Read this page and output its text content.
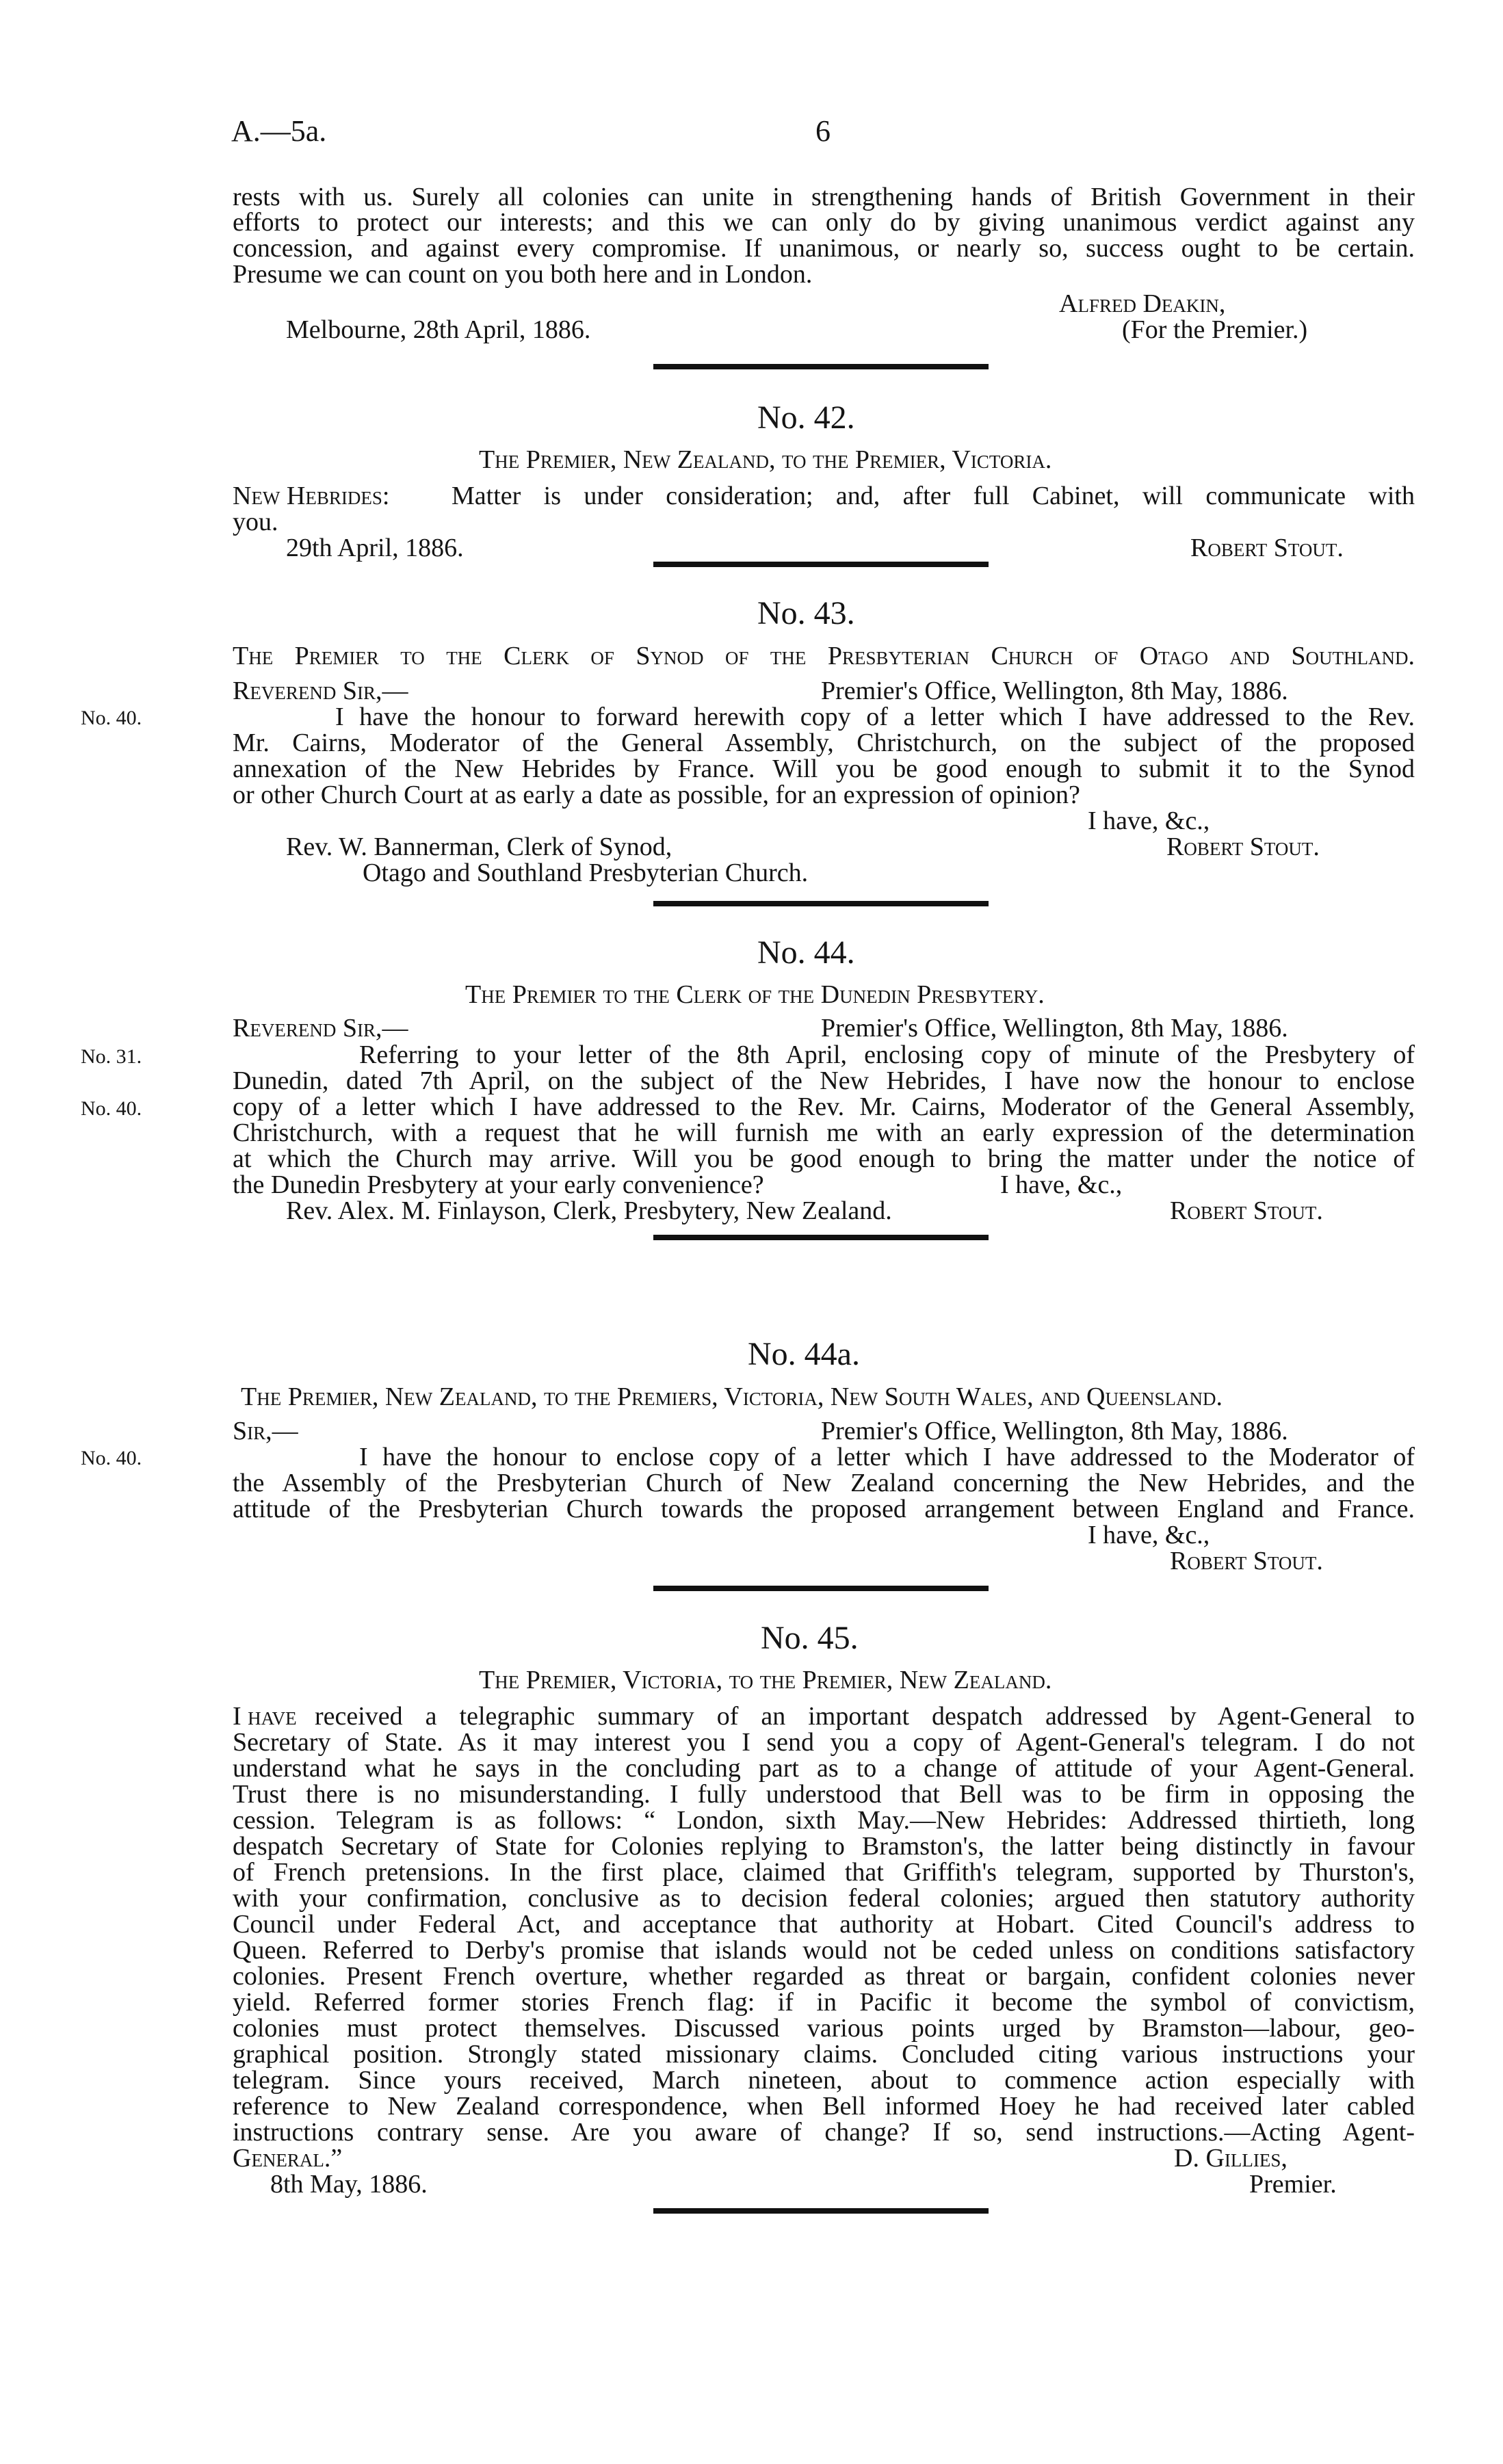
A.—5a.	6
rests with us. Surely all colonies can unite in strengthening hands of British Government in their
efforts to protect our interests; and this we can only do by giving unanimous verdict against any
concession, and against every compromise. If unanimous, or nearly so, success ought to be certain.
Presume we can count on you both here and in London.
Alfred Deakin,
Melbourne, 28th April, 1886.	(For the Premier.)
No. 42.
The Premier, New Zealand, to the Premier, Victoria.
New Hebrides: Matter is under consideration; and, after full Cabinet, will communicate with
you.
29th April, 1886.	Robert Stout.
No. 43.
The Premier to the Clerk of Synod of the Presbyterian Church of Otago and Southland.
Reverend Sir,—	Premier's Office, Wellington, 8th May, 1886.
No. 40.	I have the honour to forward herewith copy of a letter which I have addressed to the Rev.
Mr. Cairns, Moderator of the General Assembly, Christchurch, on the subject of the proposed
annexation of the New Hebrides by France. Will you be good enough to submit it to the Synod
or other Church Court at as early a date as possible, for an expression of opinion?
I have, &c.,
Rev. W. Bannerman, Clerk of Synod,	Robert Stout.
Otago and Southland Presbyterian Church.
No. 44.
The Premier to the Clerk of the Dunedin Presbytery.
Reverend Sir,—	Premier's Office, Wellington, 8th May, 1886.
No. 31.	Referring to your letter of the 8th April, enclosing copy of minute of the Presbytery of
Dunedin, dated 7th April, on the subject of the New Hebrides, I have now the honour to enclose
No. 40.	copy of a letter which I have addressed to the Rev. Mr. Cairns, Moderator of the General Assembly,
Christchurch, with a request that he will furnish me with an early expression of the determination
at which the Church may arrive. Will you be good enough to bring the matter under the notice of
the Dunedin Presbytery at your early convenience?	I have, &c.,
Rev. Alex. M. Finlayson, Clerk, Presbytery, New Zealand.	Robert Stout.
No. 44a.
The Premier, New Zealand, to the Premiers, Victoria, New South Wales, and Queensland.
Sir,—	Premier's Office, Wellington, 8th May, 1886.
No. 40.	I have the honour to enclose copy of a letter which I have addressed to the Moderator of
the Assembly of the Presbyterian Church of New Zealand concerning the New Hebrides, and the
attitude of the Presbyterian Church towards the proposed arrangement between England and France.
I have, &c.,
Robert Stout.
No. 45.
The Premier, Victoria, to the Premier, New Zealand.
I have received a telegraphic summary of an important despatch addressed by Agent-General to
Secretary of State. As it may interest you I send you a copy of Agent-General's telegram. I do not
understand what he says in the concluding part as to a change of attitude of your Agent-General.
Trust there is no misunderstanding. I fully understood that Bell was to be firm in opposing the
cession. Telegram is as follows: “ London, sixth May.—New Hebrides: Addressed thirtieth, long
despatch Secretary of State for Colonies replying to Bramston's, the latter being distinctly in favour
of French pretensions. In the first place, claimed that Griffith's telegram, supported by Thurston's,
with your confirmation, conclusive as to decision federal colonies; argued then statutory authority
Council under Federal Act, and acceptance that authority at Hobart. Cited Council's address to
Queen. Referred to Derby's promise that islands would not be ceded unless on conditions satisfactory
colonies. Present French overture, whether regarded as threat or bargain, confident colonies never
yield. Referred former stories French flag: if in Pacific it become the symbol of convictism,
colonies must protect themselves. Discussed various points urged by Bramston—labour, geo-
graphical position. Strongly stated missionary claims. Concluded citing various instructions your
telegram. Since yours received, March nineteen, about to commence action especially with
reference to New Zealand correspondence, when Bell informed Hoey he had received later cabled
instructions contrary sense. Are you aware of change? If so, send instructions.—Acting Agent-
General.”	D. Gillies,
8th May, 1886.	Premier.
